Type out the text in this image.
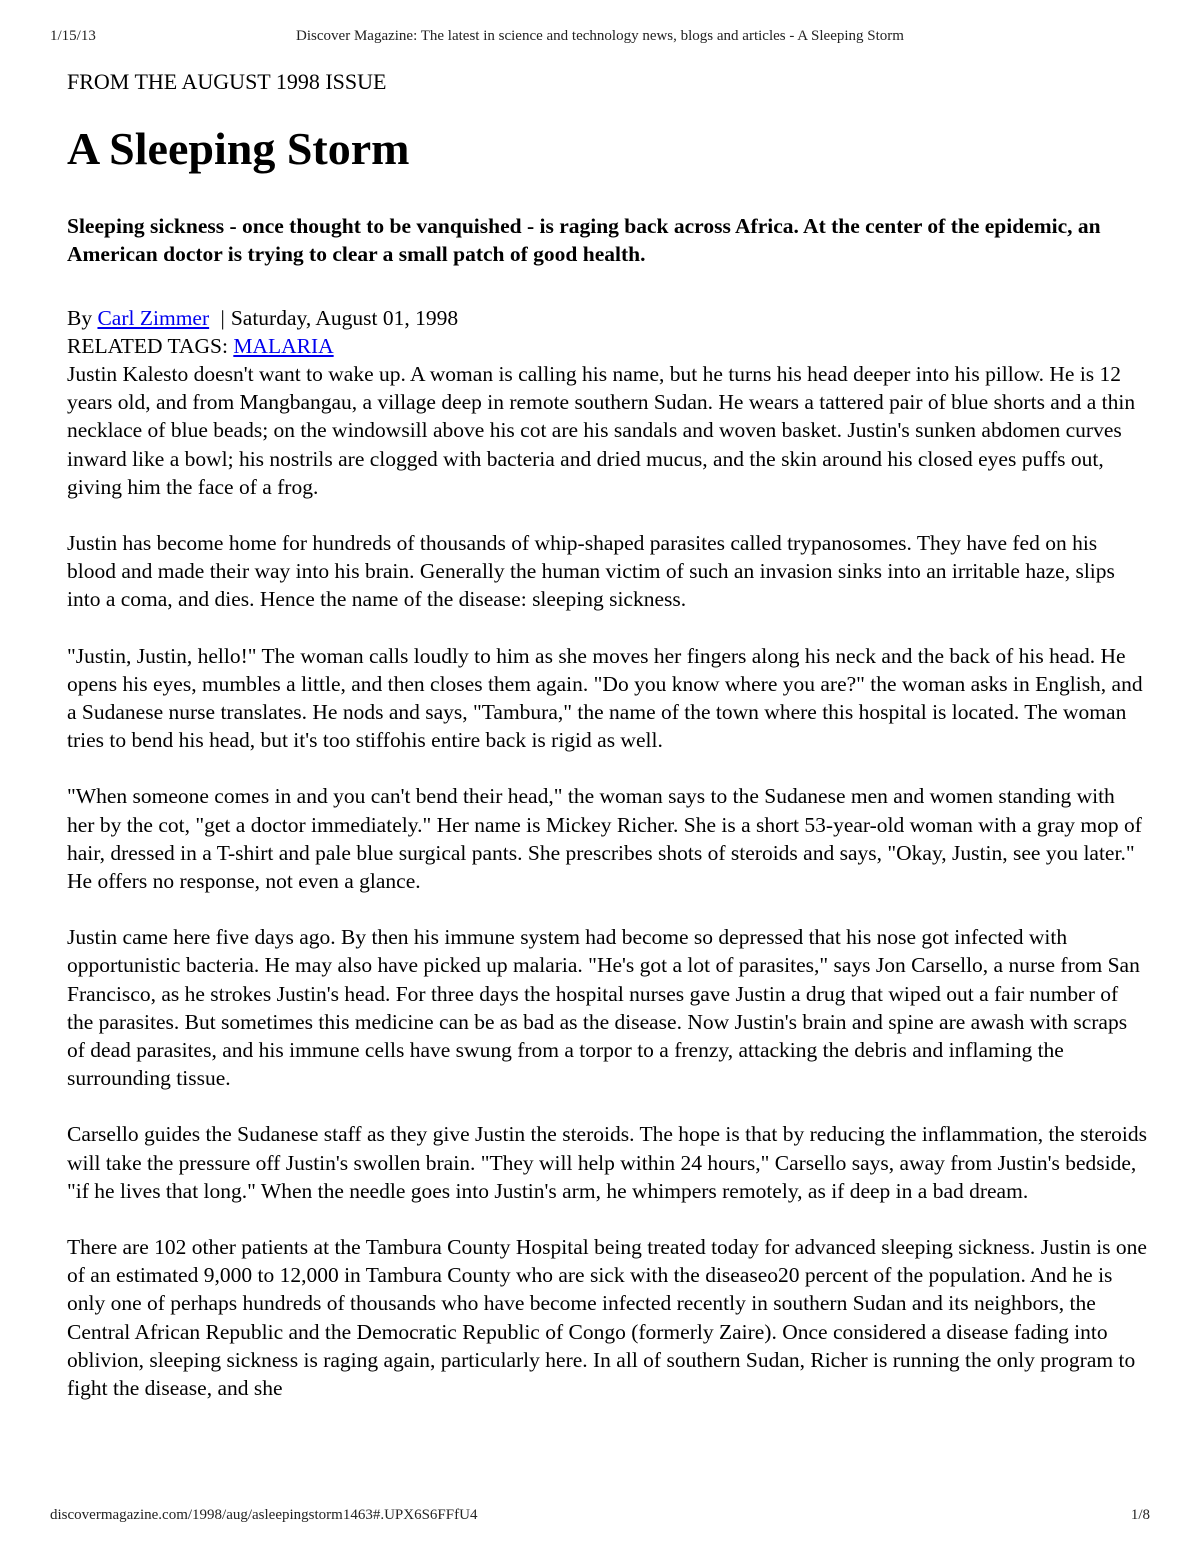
1/15/13	Discover Magazine: The latest in science and technology news, blogs and articles - A Sleeping Storm
FROM THE AUGUST 1998 ISSUE
A Sleeping Storm
Sleeping sickness - once thought to be vanquished - is raging back across Africa. At the center of the epidemic, an American doctor is trying to clear a small patch of good health.
By Carl Zimmer | Saturday, August 01, 1998
RELATED TAGS: MALARIA

Justin Kalesto doesn't want to wake up. A woman is calling his name, but he turns his head deeper into his pillow. He is 12 years old, and from Mangbangau, a village deep in remote southern Sudan. He wears a tattered pair of blue shorts and a thin necklace of blue beads; on the windowsill above his cot are his sandals and woven basket. Justin's sunken abdomen curves inward like a bowl; his nostrils are clogged with bacteria and dried mucus, and the skin around his closed eyes puffs out, giving him the face of a frog.

Justin has become home for hundreds of thousands of whip-shaped parasites called trypanosomes. They have fed on his blood and made their way into his brain. Generally the human victim of such an invasion sinks into an irritable haze, slips into a coma, and dies. Hence the name of the disease: sleeping sickness.

"Justin, Justin, hello!" The woman calls loudly to him as she moves her fingers along his neck and the back of his head. He opens his eyes, mumbles a little, and then closes them again. "Do you know where you are?" the woman asks in English, and a Sudanese nurse translates. He nods and says, "Tambura," the name of the town where this hospital is located. The woman tries to bend his head, but it's too stiffohis entire back is rigid as well.

"When someone comes in and you can't bend their head," the woman says to the Sudanese men and women standing with her by the cot, "get a doctor immediately." Her name is Mickey Richer. She is a short 53-year-old woman with a gray mop of hair, dressed in a T-shirt and pale blue surgical pants. She prescribes shots of steroids and says, "Okay, Justin, see you later." He offers no response, not even a glance.

Justin came here five days ago. By then his immune system had become so depressed that his nose got infected with opportunistic bacteria. He may also have picked up malaria. "He's got a lot of parasites," says Jon Carsello, a nurse from San Francisco, as he strokes Justin's head. For three days the hospital nurses gave Justin a drug that wiped out a fair number of the parasites. But sometimes this medicine can be as bad as the disease. Now Justin's brain and spine are awash with scraps of dead parasites, and his immune cells have swung from a torpor to a frenzy, attacking the debris and inflaming the surrounding tissue.

Carsello guides the Sudanese staff as they give Justin the steroids. The hope is that by reducing the inflammation, the steroids will take the pressure off Justin's swollen brain. "They will help within 24 hours," Carsello says, away from Justin's bedside, "if he lives that long." When the needle goes into Justin's arm, he whimpers remotely, as if deep in a bad dream.

There are 102 other patients at the Tambura County Hospital being treated today for advanced sleeping sickness. Justin is one of an estimated 9,000 to 12,000 in Tambura County who are sick with the diseaseo20 percent of the population. And he is only one of perhaps hundreds of thousands who have become infected recently in southern Sudan and its neighbors, the Central African Republic and the Democratic Republic of Congo (formerly Zaire). Once considered a disease fading into oblivion, sleeping sickness is raging again, particularly here. In all of southern Sudan, Richer is running the only program to fight the disease, and she

discovermagazine.com/1998/aug/asleepingstorm1463#.UPX6S6FFfU4	1/8
